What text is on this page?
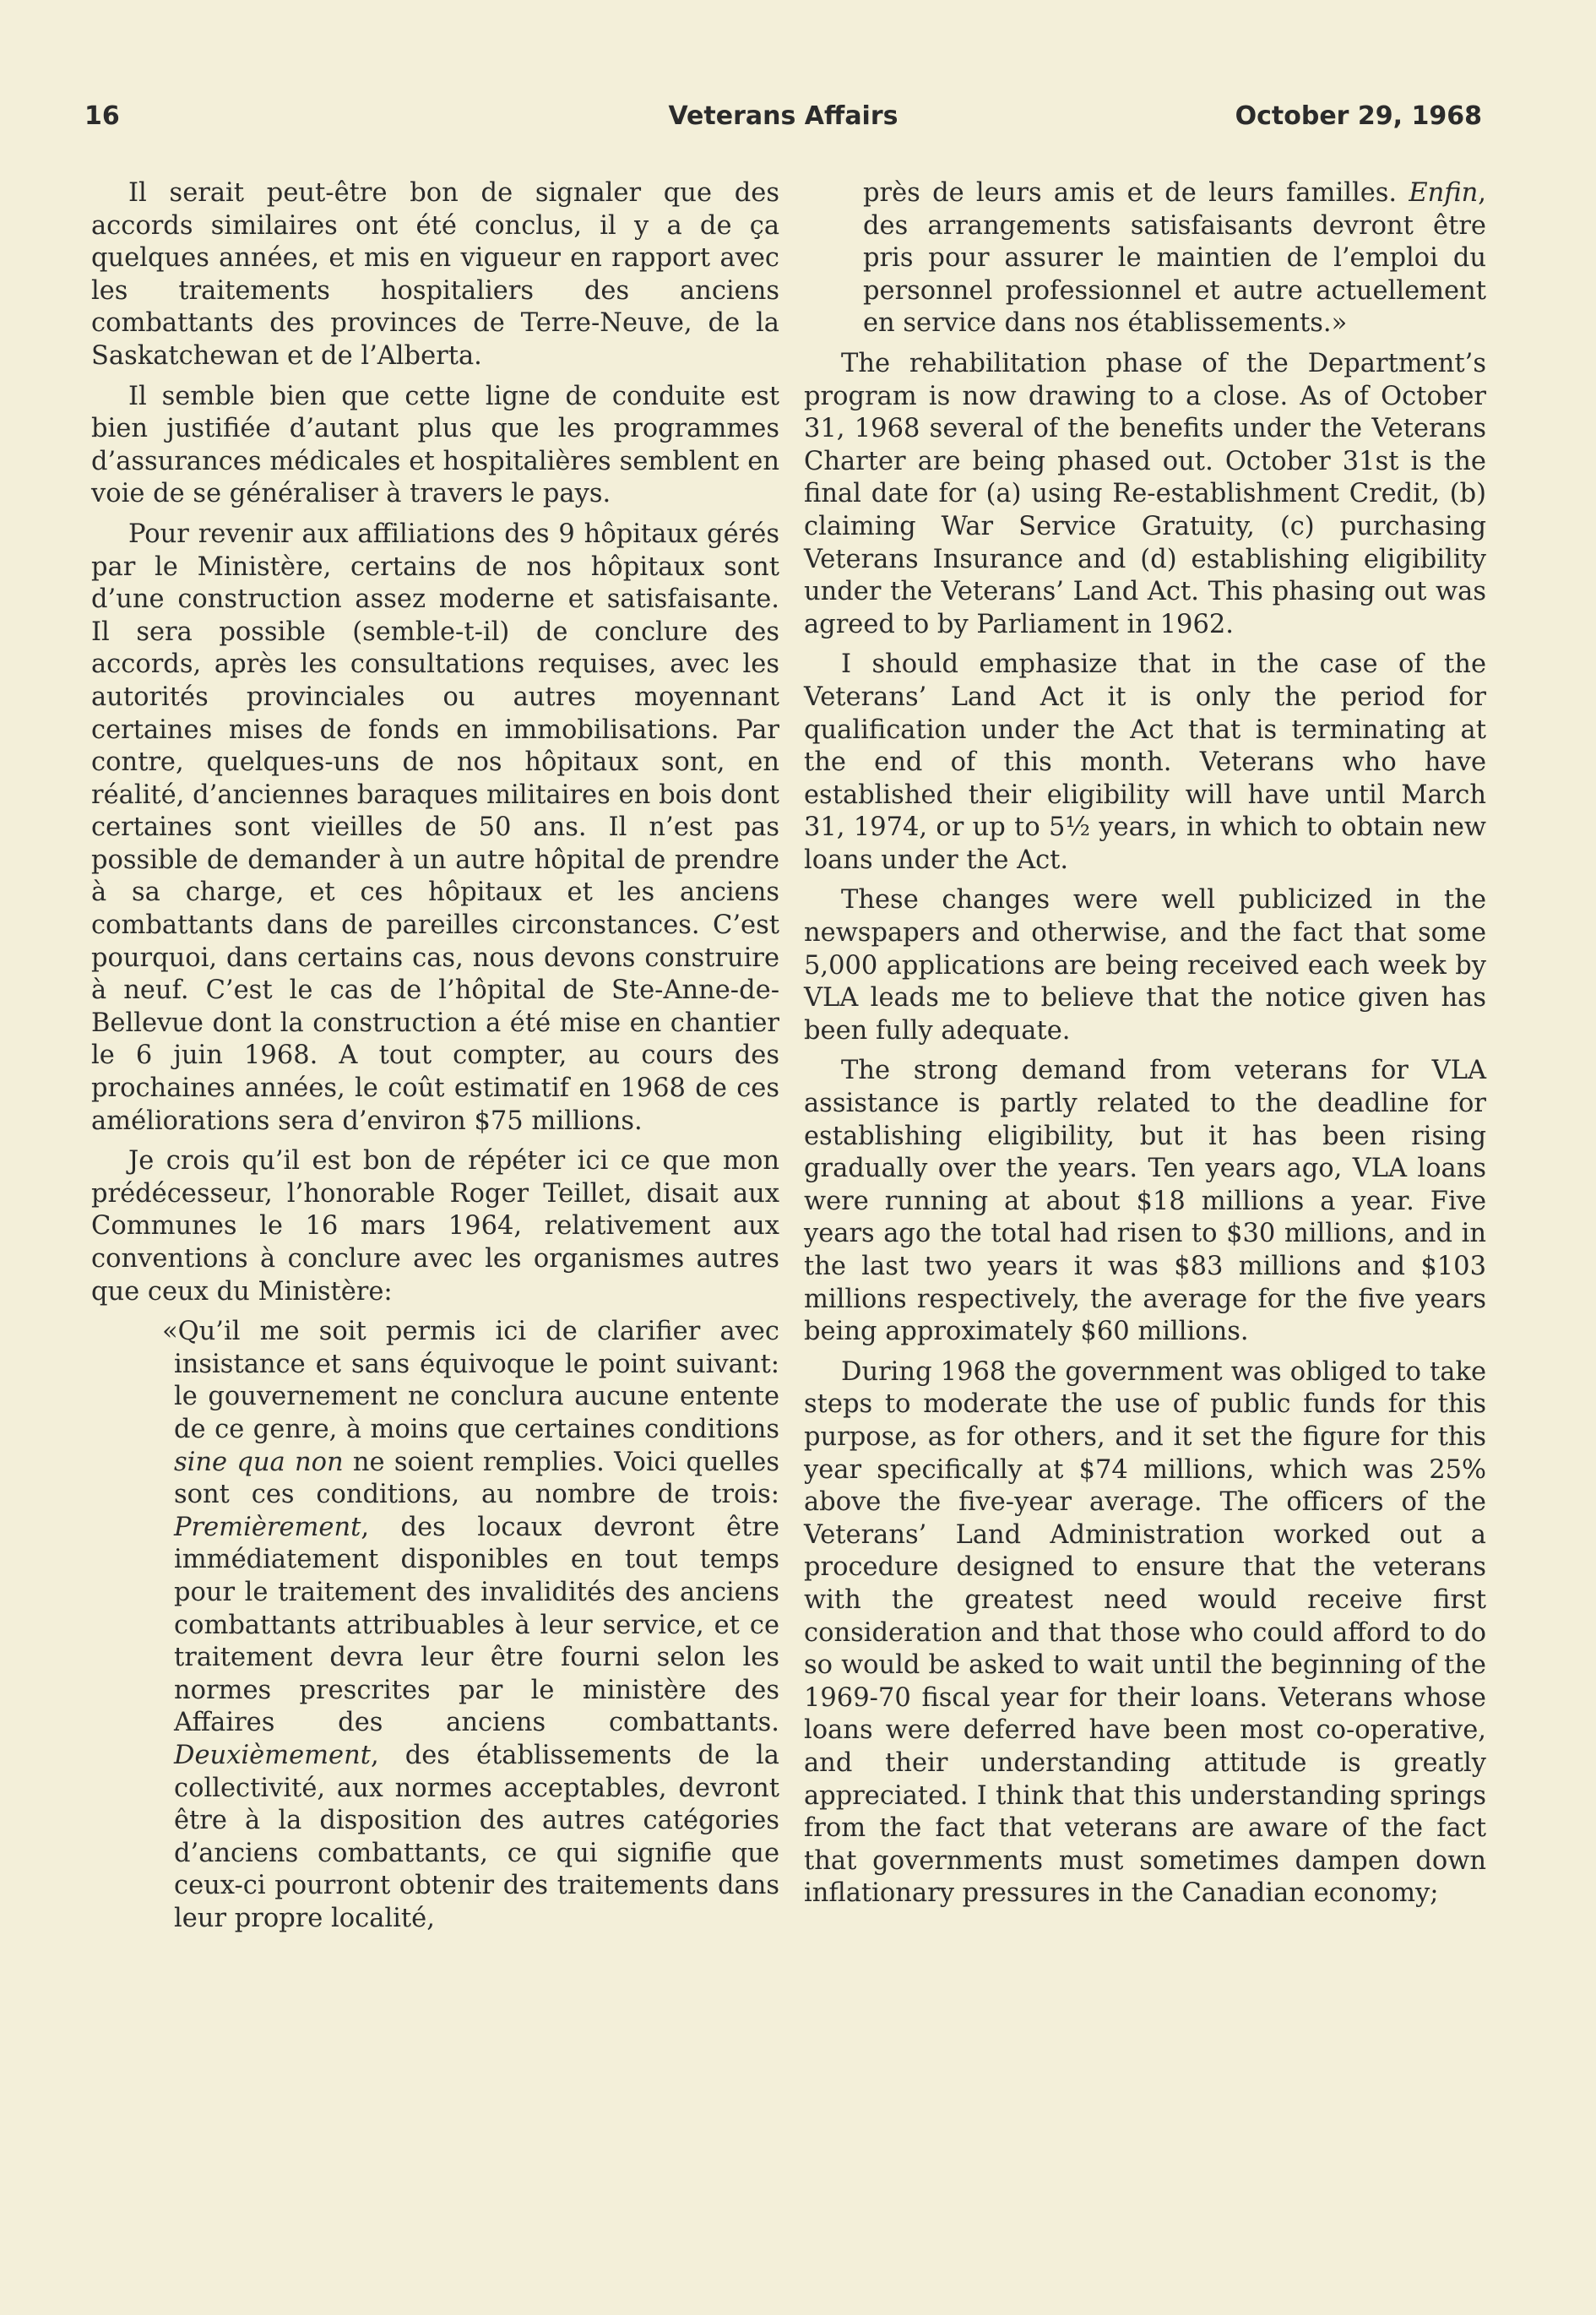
16	Veterans Affairs	October 29, 1968

Il serait peut-être bon de signaler que des accords similaires ont été conclus, il y a de ça quelques années, et mis en vigueur en rapport avec les traitements hospitaliers des anciens combattants des provinces de Terre-Neuve, de la Saskatchewan et de l’Alberta.

Il semble bien que cette ligne de conduite est bien justifiée d’autant plus que les programmes d’assurances médicales et hospitalières semblent en voie de se généraliser à travers le pays.

Pour revenir aux affiliations des 9 hôpitaux gérés par le Ministère, certains de nos hôpitaux sont d’une construction assez moderne et satisfaisante. Il sera possible (semble-t-il) de conclure des accords, après les consultations requises, avec les autorités provinciales ou autres moyennant certaines mises de fonds en immobilisations. Par contre, quelques-uns de nos hôpitaux sont, en réalité, d’anciennes baraques militaires en bois dont certaines sont vieilles de 50 ans. Il n’est pas possible de demander à un autre hôpital de prendre à sa charge, et ces hôpitaux et les anciens combattants dans de pareilles circonstances. C’est pourquoi, dans certains cas, nous devons construire à neuf. C’est le cas de l’hôpital de Ste-Anne-de-Bellevue dont la construction a été mise en chantier le 6 juin 1968. A tout compter, au cours des prochaines années, le coût estimatif en 1968 de ces améliorations sera d’environ $75 millions.

Je crois qu’il est bon de répéter ici ce que mon prédécesseur, l’honorable Roger Teillet, disait aux Communes le 16 mars 1964, relativement aux conventions à conclure avec les organismes autres que ceux du Ministère:

«Qu’il me soit permis ici de clarifier avec insistance et sans équivoque le point suivant: le gouvernement ne conclura aucune entente de ce genre, à moins que certaines conditions sine qua non ne soient remplies. Voici quelles sont ces conditions, au nombre de trois: Premièrement, des locaux devront être immédiatement disponibles en tout temps pour le traitement des invalidités des anciens combattants attribuables à leur service, et ce traitement devra leur être fourni selon les normes prescrites par le ministère des Affaires des anciens combattants. Deuxièmement, des établissements de la collectivité, aux normes acceptables, devront être à la disposition des autres catégories d’anciens combattants, ce qui signifie que ceux-ci pourront obtenir des traitements dans leur propre localité,

près de leurs amis et de leurs familles. Enfin, des arrangements satisfaisants devront être pris pour assurer le maintien de l’emploi du personnel professionnel et autre actuellement en service dans nos établissements.»

The rehabilitation phase of the Department’s program is now drawing to a close. As of October 31, 1968 several of the benefits under the Veterans Charter are being phased out. October 31st is the final date for (a) using Re-establishment Credit, (b) claiming War Service Gratuity, (c) purchasing Veterans Insurance and (d) establishing eligibility under the Veterans’ Land Act. This phasing out was agreed to by Parliament in 1962.

I should emphasize that in the case of the Veterans’ Land Act it is only the period for qualification under the Act that is terminating at the end of this month. Veterans who have established their eligibility will have until March 31, 1974, or up to 5½ years, in which to obtain new loans under the Act.

These changes were well publicized in the newspapers and otherwise, and the fact that some 5,000 applications are being received each week by VLA leads me to believe that the notice given has been fully adequate.

The strong demand from veterans for VLA assistance is partly related to the deadline for establishing eligibility, but it has been rising gradually over the years. Ten years ago, VLA loans were running at about $18 millions a year. Five years ago the total had risen to $30 millions, and in the last two years it was $83 millions and $103 millions respectively, the average for the five years being approximately $60 millions.

During 1968 the government was obliged to take steps to moderate the use of public funds for this purpose, as for others, and it set the figure for this year specifically at $74 millions, which was 25% above the five-year average. The officers of the Veterans’ Land Administration worked out a procedure designed to ensure that the veterans with the greatest need would receive first consideration and that those who could afford to do so would be asked to wait until the beginning of the 1969-70 fiscal year for their loans. Veterans whose loans were deferred have been most co-operative, and their understanding attitude is greatly appreciated. I think that this understanding springs from the fact that veterans are aware of the fact that governments must sometimes dampen down inflationary pressures in the Canadian economy;
